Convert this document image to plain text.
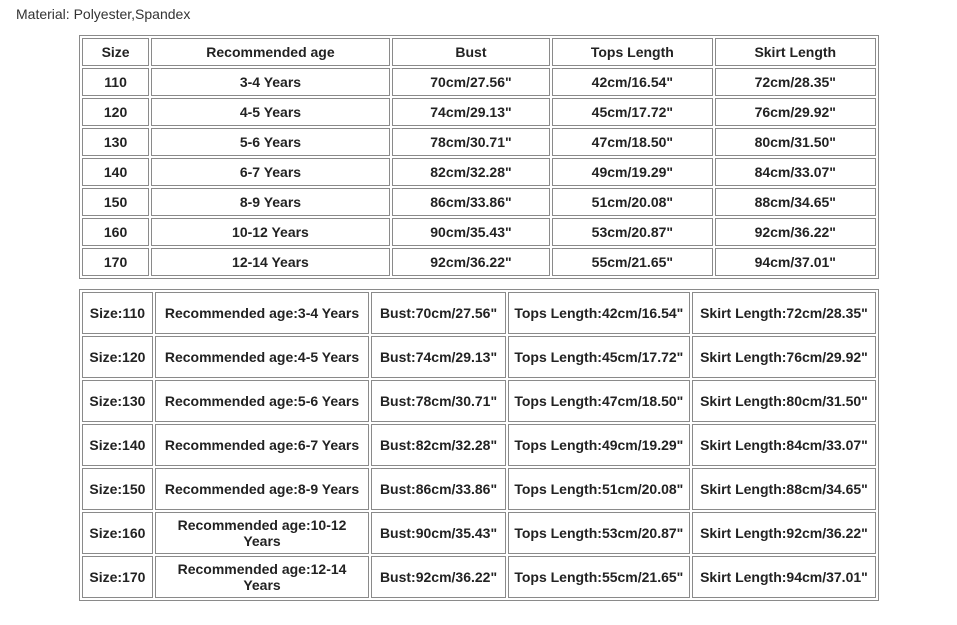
Material: Polyester,Spandex
Size	Recommended age	Bust	Tops Length	Skirt Length
110	3-4 Years	70cm/27.56"	42cm/16.54"	72cm/28.35"
120	4-5 Years	74cm/29.13"	45cm/17.72"	76cm/29.92"
130	5-6 Years	78cm/30.71"	47cm/18.50"	80cm/31.50"
140	6-7 Years	82cm/32.28"	49cm/19.29"	84cm/33.07"
150	8-9 Years	86cm/33.86"	51cm/20.08"	88cm/34.65"
160	10-12 Years	90cm/35.43"	53cm/20.87"	92cm/36.22"
170	12-14 Years	92cm/36.22"	55cm/21.65"	94cm/37.01"
Size:110	Recommended age:3-4 Years	Bust:70cm/27.56"	Tops Length:42cm/16.54"	Skirt Length:72cm/28.35"
Size:120	Recommended age:4-5 Years	Bust:74cm/29.13"	Tops Length:45cm/17.72"	Skirt Length:76cm/29.92"
Size:130	Recommended age:5-6 Years	Bust:78cm/30.71"	Tops Length:47cm/18.50"	Skirt Length:80cm/31.50"
Size:140	Recommended age:6-7 Years	Bust:82cm/32.28"	Tops Length:49cm/19.29"	Skirt Length:84cm/33.07"
Size:150	Recommended age:8-9 Years	Bust:86cm/33.86"	Tops Length:51cm/20.08"	Skirt Length:88cm/34.65"
Size:160	Recommended age:10-12 Years	Bust:90cm/35.43"	Tops Length:53cm/20.87"	Skirt Length:92cm/36.22"
Size:170	Recommended age:12-14 Years	Bust:92cm/36.22"	Tops Length:55cm/21.65"	Skirt Length:94cm/37.01"
